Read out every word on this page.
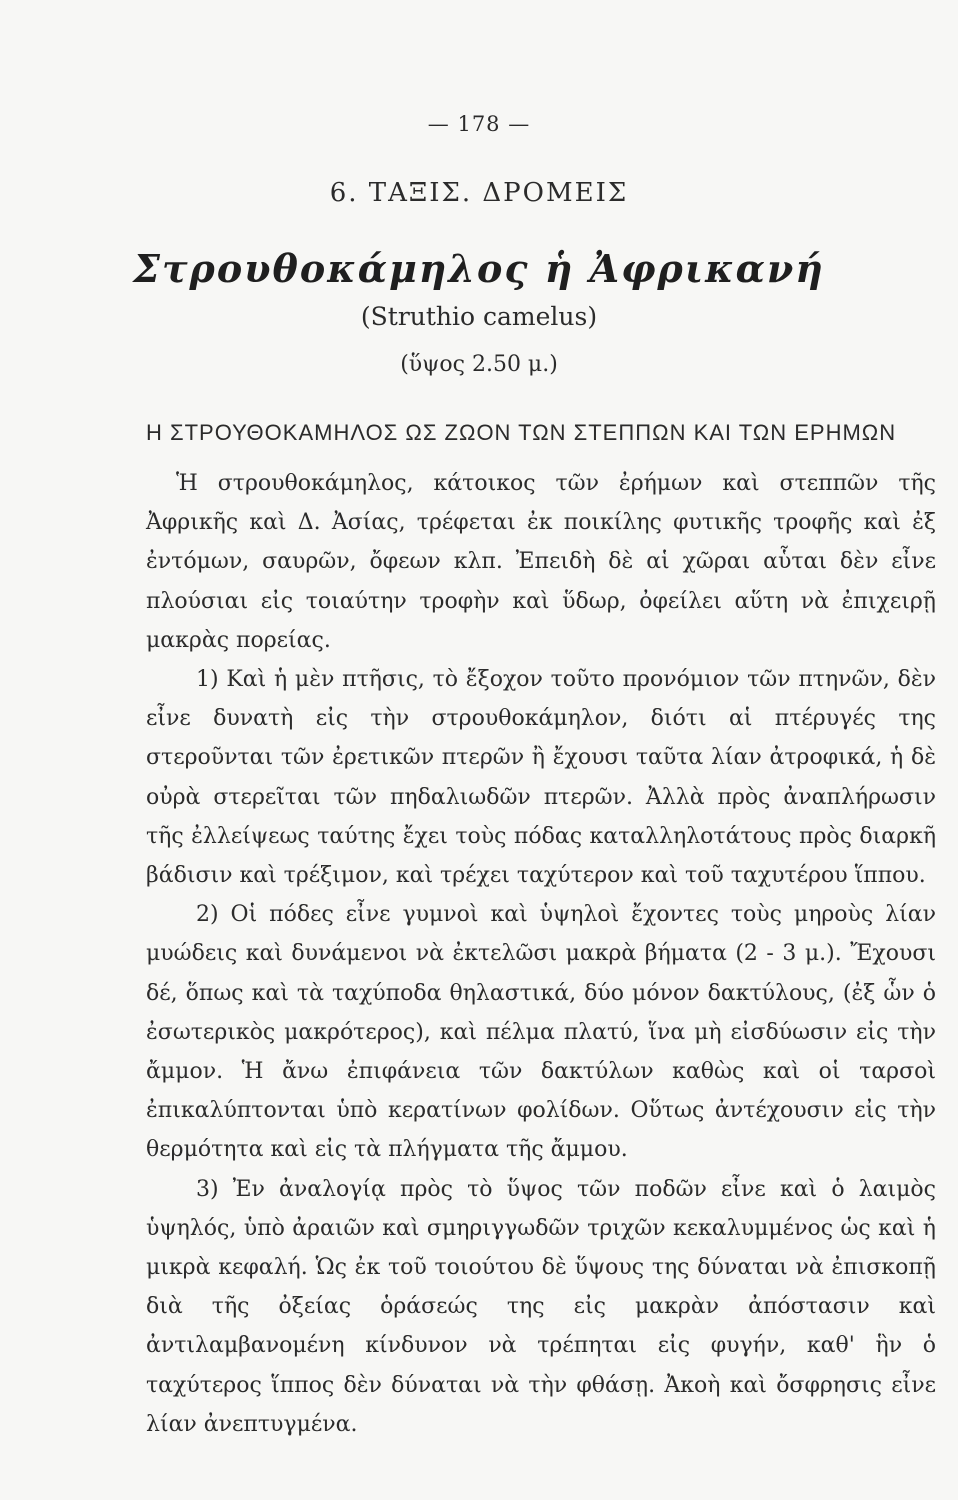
— 178 —
6. ΤΑΞΙΣ. ΔΡΟΜΕΙΣ
Στρουθοκάμηλος ἡ Ἀφρικανή
(Struthio camelus)
(ὕψος 2.50 μ.)
Η ΣΤΡΟΥΘΟΚΑΜΗΛΟΣ ΩΣ ΖΩΟΝ ΤΩΝ ΣΤΕΠΠΩΝ ΚΑΙ ΤΩΝ ΕΡΗΜΩΝ

Ἡ στρουθοκάμηλος, κάτοικος τῶν ἐρήμων καὶ στεππῶν τῆς Ἀφρικῆς καὶ Δ. Ἀσίας, τρέφεται ἐκ ποικίλης φυτικῆς τροφῆς καὶ ἐξ ἐντόμων, σαυρῶν, ὄφεων κλπ. Ἐπειδὴ δὲ αἱ χῶραι αὗται δὲν εἶνε πλούσιαι εἰς τοιαύτην τροφὴν καὶ ὕδωρ, ὀφείλει αὕτη νὰ ἐπιχειρῇ μακρὰς πορείας.

1) Καὶ ἡ μὲν πτῆσις, τὸ ἔξοχον τοῦτο προνόμιον τῶν πτηνῶν, δὲν εἶνε δυνατὴ εἰς τὴν στρουθοκάμηλον, διότι αἱ πτέρυγές της στεροῦνται τῶν ἐρετικῶν πτερῶν ἢ ἔχουσι ταῦτα λίαν ἀτροφικά, ἡ δὲ οὐρὰ στερεῖται τῶν πηδαλιωδῶν πτερῶν. Ἀλλὰ πρὸς ἀναπλήρωσιν τῆς ἐλλείψεως ταύτης ἔχει τοὺς πόδας καταλληλοτάτους πρὸς διαρκῆ βάδισιν καὶ τρέξιμον, καὶ τρέχει ταχύτερον καὶ τοῦ ταχυτέρου ἵππου.

2) Οἱ πόδες εἶνε γυμνοὶ καὶ ὑψηλοὶ ἔχοντες τοὺς μηροὺς λίαν μυώδεις καὶ δυνάμενοι νὰ ἐκτελῶσι μακρὰ βήματα (2 - 3 μ.). Ἔχουσι δέ, ὅπως καὶ τὰ ταχύποδα θηλαστικά, δύο μόνον δακτύλους, (ἐξ ὧν ὁ ἐσωτερικὸς μακρότερος), καὶ πέλμα πλατύ, ἵνα μὴ εἰσδύωσιν εἰς τὴν ἄμμον. Ἡ ἄνω ἐπιφάνεια τῶν δακτύλων καθὼς καὶ οἱ ταρσοὶ ἐπικαλύπτονται ὑπὸ κερατίνων φολίδων. Οὕτως ἀντέχουσιν εἰς τὴν θερμότητα καὶ εἰς τὰ πλήγματα τῆς ἄμμου.

3) Ἐν ἀναλογίᾳ πρὸς τὸ ὕψος τῶν ποδῶν εἶνε καὶ ὁ λαιμὸς ὑψηλός, ὑπὸ ἀραιῶν καὶ σμηριγγωδῶν τριχῶν κεκαλυμμένος ὡς καὶ ἡ μικρὰ κεφαλή. Ὡς ἐκ τοῦ τοιούτου δὲ ὕψους της δύναται νὰ ἐπισκοπῇ διὰ τῆς ὀξείας ὁράσεώς της εἰς μακρὰν ἀπόστασιν καὶ ἀντιλαμβανομένη κίνδυνον νὰ τρέπηται εἰς φυγήν, καθ' ἣν ὁ ταχύτερος ἵππος δὲν δύναται νὰ τὴν φθάσῃ. Ἀκοὴ καὶ ὄσφρησις εἶνε λίαν ἀνεπτυγμένα.
